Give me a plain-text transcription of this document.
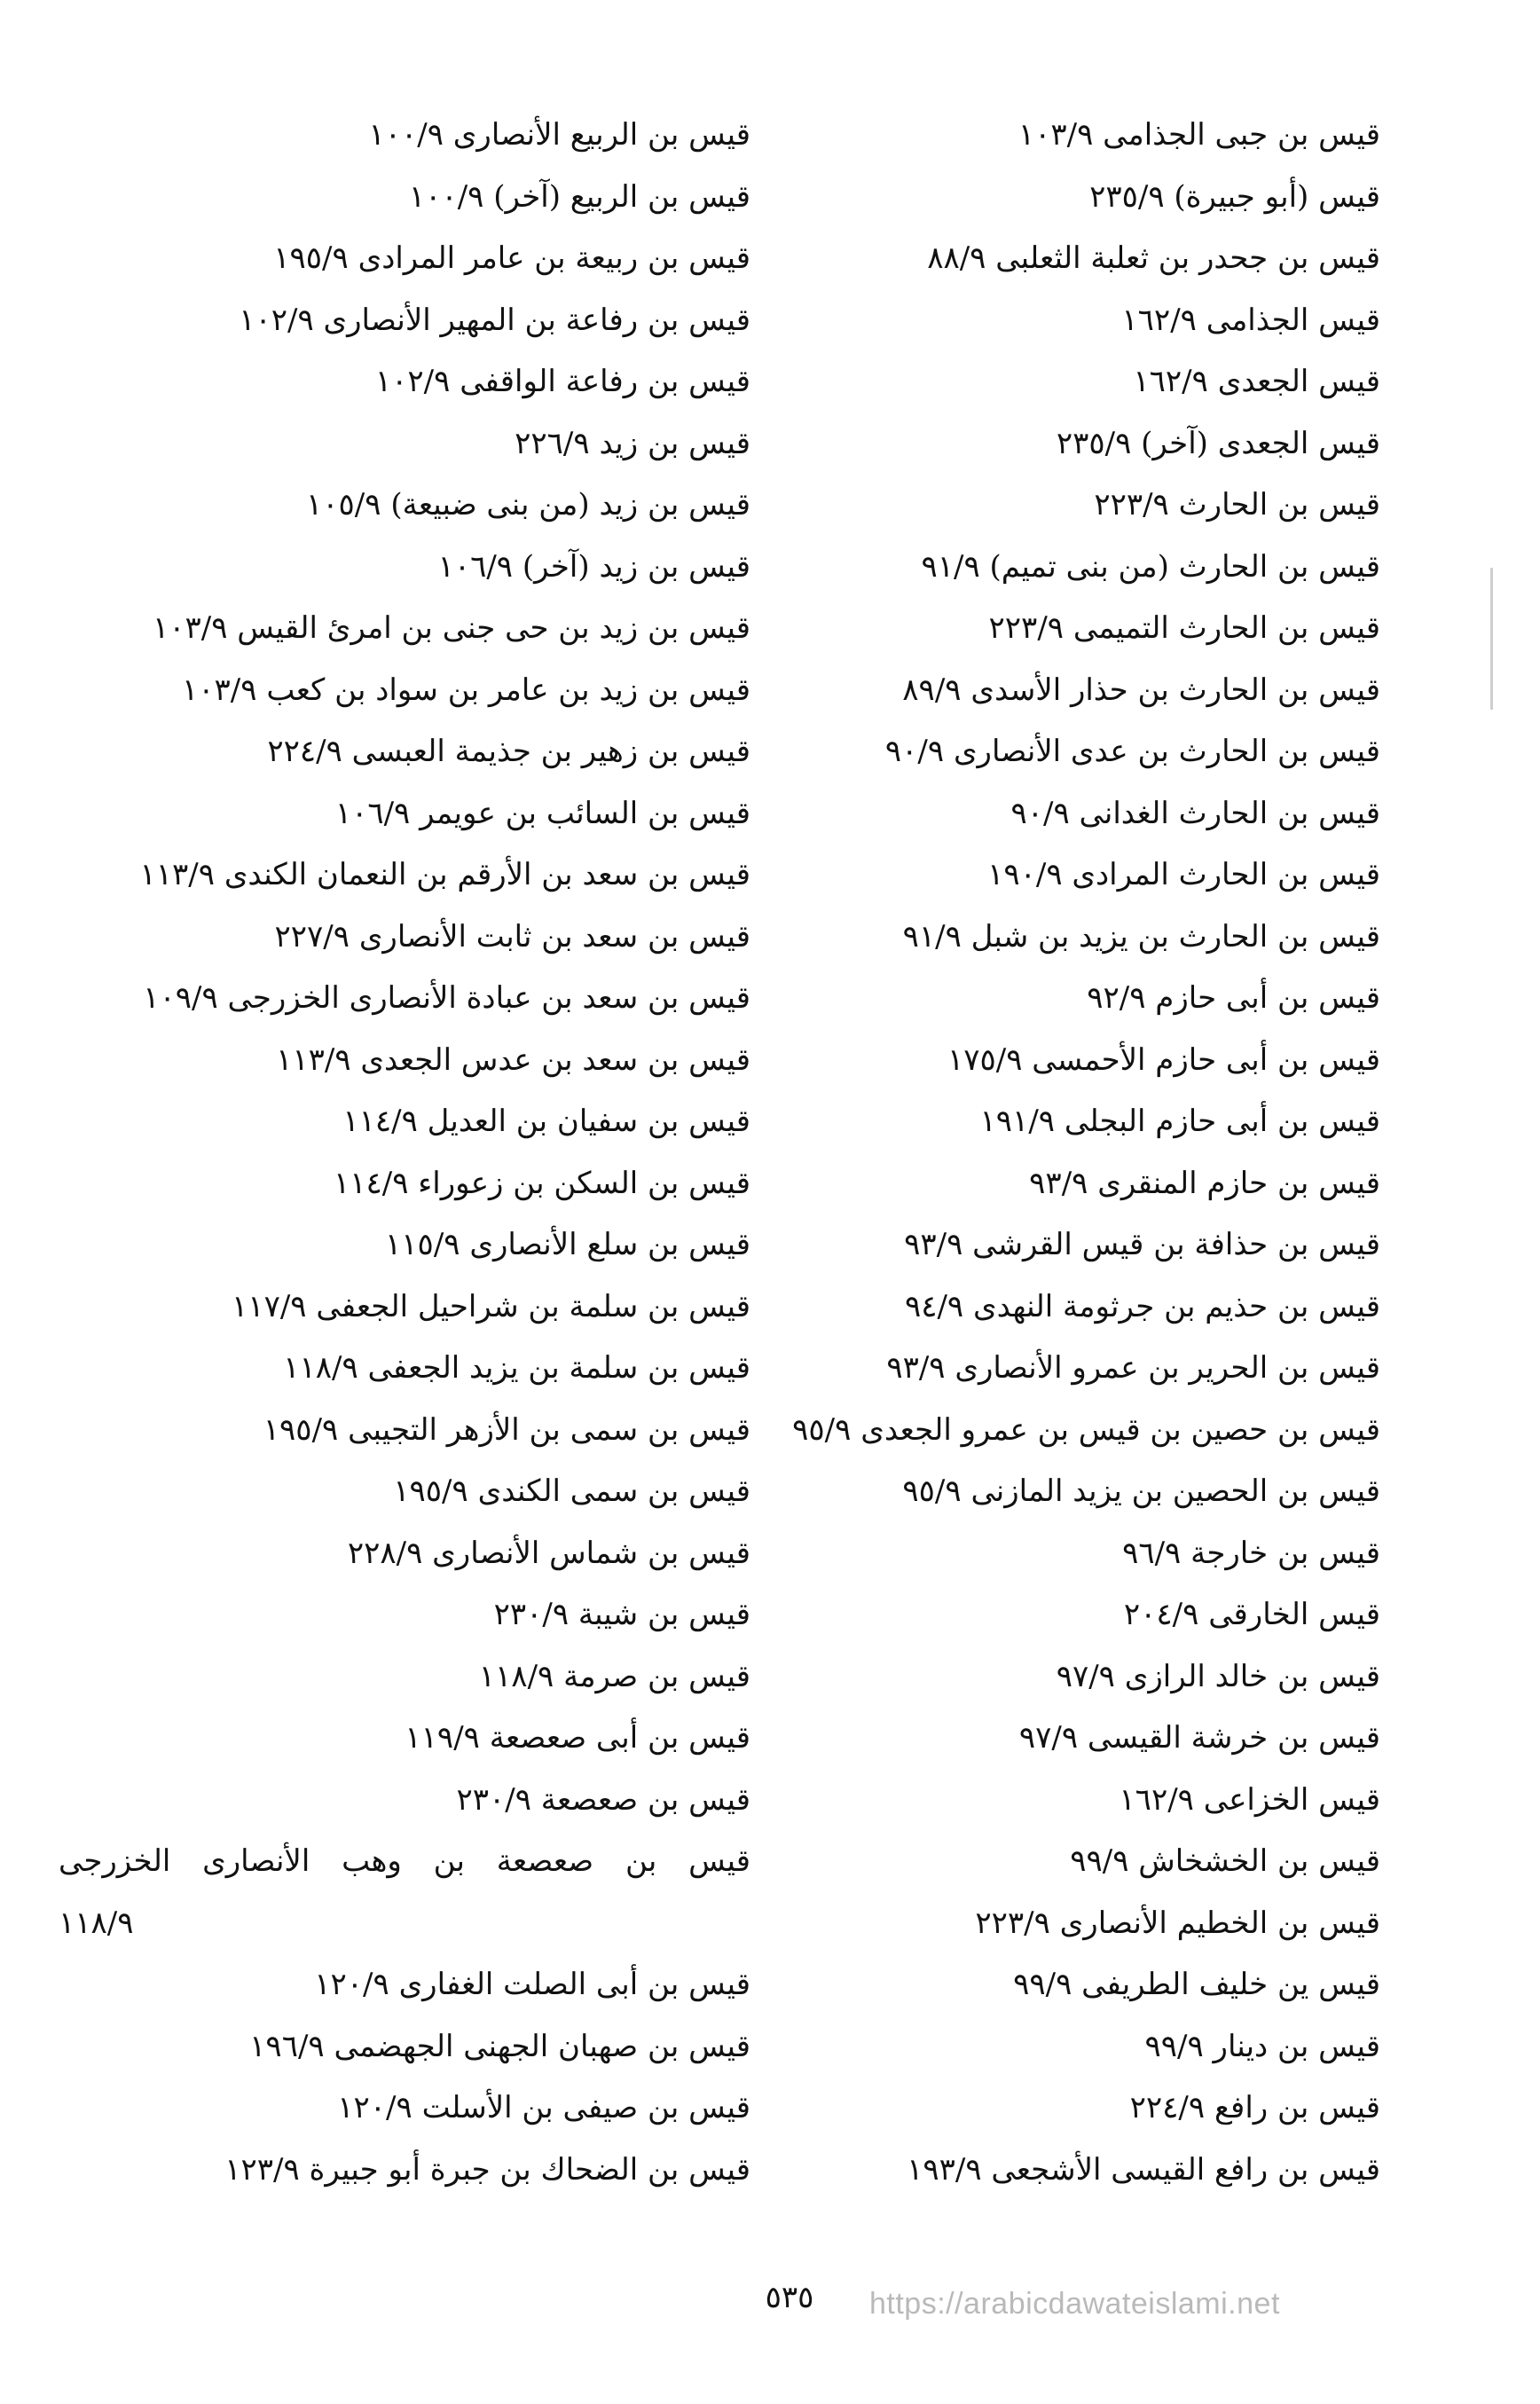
قيس بن جبى الجذامى ١٠٣/٩
قيس (أبو جبيرة) ٢٣٥/٩
قيس بن جحدر بن ثعلبة الثعلبى ٨٨/٩
قيس الجذامى ١٦٢/٩
قيس الجعدى ١٦٢/٩
قيس الجعدى (آخر) ٢٣٥/٩
قيس بن الحارث ٢٢٣/٩
قيس بن الحارث (من بنى تميم) ٩١/٩
قيس بن الحارث التميمى ٢٢٣/٩
قيس بن الحارث بن حذار الأسدى ٨٩/٩
قيس بن الحارث بن عدى الأنصارى ٩٠/٩
قيس بن الحارث الغدانى ٩٠/٩
قيس بن الحارث المرادى ١٩٠/٩
قيس بن الحارث بن يزيد بن شبل ٩١/٩
قيس بن أبى حازم ٩٢/٩
قيس بن أبى حازم الأحمسى ١٧٥/٩
قيس بن أبى حازم البجلى ١٩١/٩
قيس بن حازم المنقرى ٩٣/٩
قيس بن حذافة بن قيس القرشى ٩٣/٩
قيس بن حذيم بن جرثومة النهدى ٩٤/٩
قيس بن الحرير بن عمرو الأنصارى ٩٣/٩
قيس بن حصين بن قيس بن عمرو الجعدى ٩٥/٩
قيس بن الحصين بن يزيد المازنى ٩٥/٩
قيس بن خارجة ٩٦/٩
قيس الخارقى ٢٠٤/٩
قيس بن خالد الرازى ٩٧/٩
قيس بن خرشة القيسى ٩٧/٩
قيس الخزاعى ١٦٢/٩
قيس بن الخشخاش ٩٩/٩
قيس بن الخطيم الأنصارى ٢٢٣/٩
قيس ين خليف الطريفى ٩٩/٩
قيس بن دينار ٩٩/٩
قيس بن رافع ٢٢٤/٩
قيس بن رافع القيسى الأشجعى ١٩٣/٩
قيس بن الربيع الأنصارى ١٠٠/٩
قيس بن الربيع (آخر) ١٠٠/٩
قيس بن ربيعة بن عامر المرادى ١٩٥/٩
قيس بن رفاعة بن المهير الأنصارى ١٠٢/٩
قيس بن رفاعة الواقفى ١٠٢/٩
قيس بن زيد ٢٢٦/٩
قيس بن زيد (من بنى ضبيعة) ١٠٥/٩
قيس بن زيد (آخر) ١٠٦/٩
قيس بن زيد بن حى جنى بن امرئ القيس ١٠٣/٩
قيس بن زيد بن عامر بن سواد بن كعب ١٠٣/٩
قيس بن زهير بن جذيمة العبسى ٢٢٤/٩
قيس بن السائب بن عويمر ١٠٦/٩
قيس بن سعد بن الأرقم بن النعمان الكندى ١١٣/٩
قيس بن سعد بن ثابت الأنصارى ٢٢٧/٩
قيس بن سعد بن عبادة الأنصارى الخزرجى ١٠٩/٩
قيس بن سعد بن عدس الجعدى ١١٣/٩
قيس بن سفيان بن العديل ١١٤/٩
قيس بن السكن بن زعوراء ١١٤/٩
قيس بن سلع الأنصارى ١١٥/٩
قيس بن سلمة بن شراحيل الجعفى ١١٧/٩
قيس بن سلمة بن يزيد الجعفى ١١٨/٩
قيس بن سمى بن الأزهر التجيبى ١٩٥/٩
قيس بن سمى الكندى ١٩٥/٩
قيس بن شماس الأنصارى ٢٢٨/٩
قيس بن شيبة ٢٣٠/٩
قيس بن صرمة ١١٨/٩
قيس بن أبى صعصعة ١١٩/٩
قيس بن صعصعة ٢٣٠/٩
قيس بن صعصعة بن وهب الأنصارى الخزرجى
١١٨/٩
قيس بن أبى الصلت الغفارى ١٢٠/٩
قيس بن صهبان الجهنى الجهضمى ١٩٦/٩
قيس بن صيفى بن الأسلت ١٢٠/٩
قيس بن الضحاك بن جبرة أبو جبيرة ١٢٣/٩
٥٣٥	https://arabicdawateislami.net
